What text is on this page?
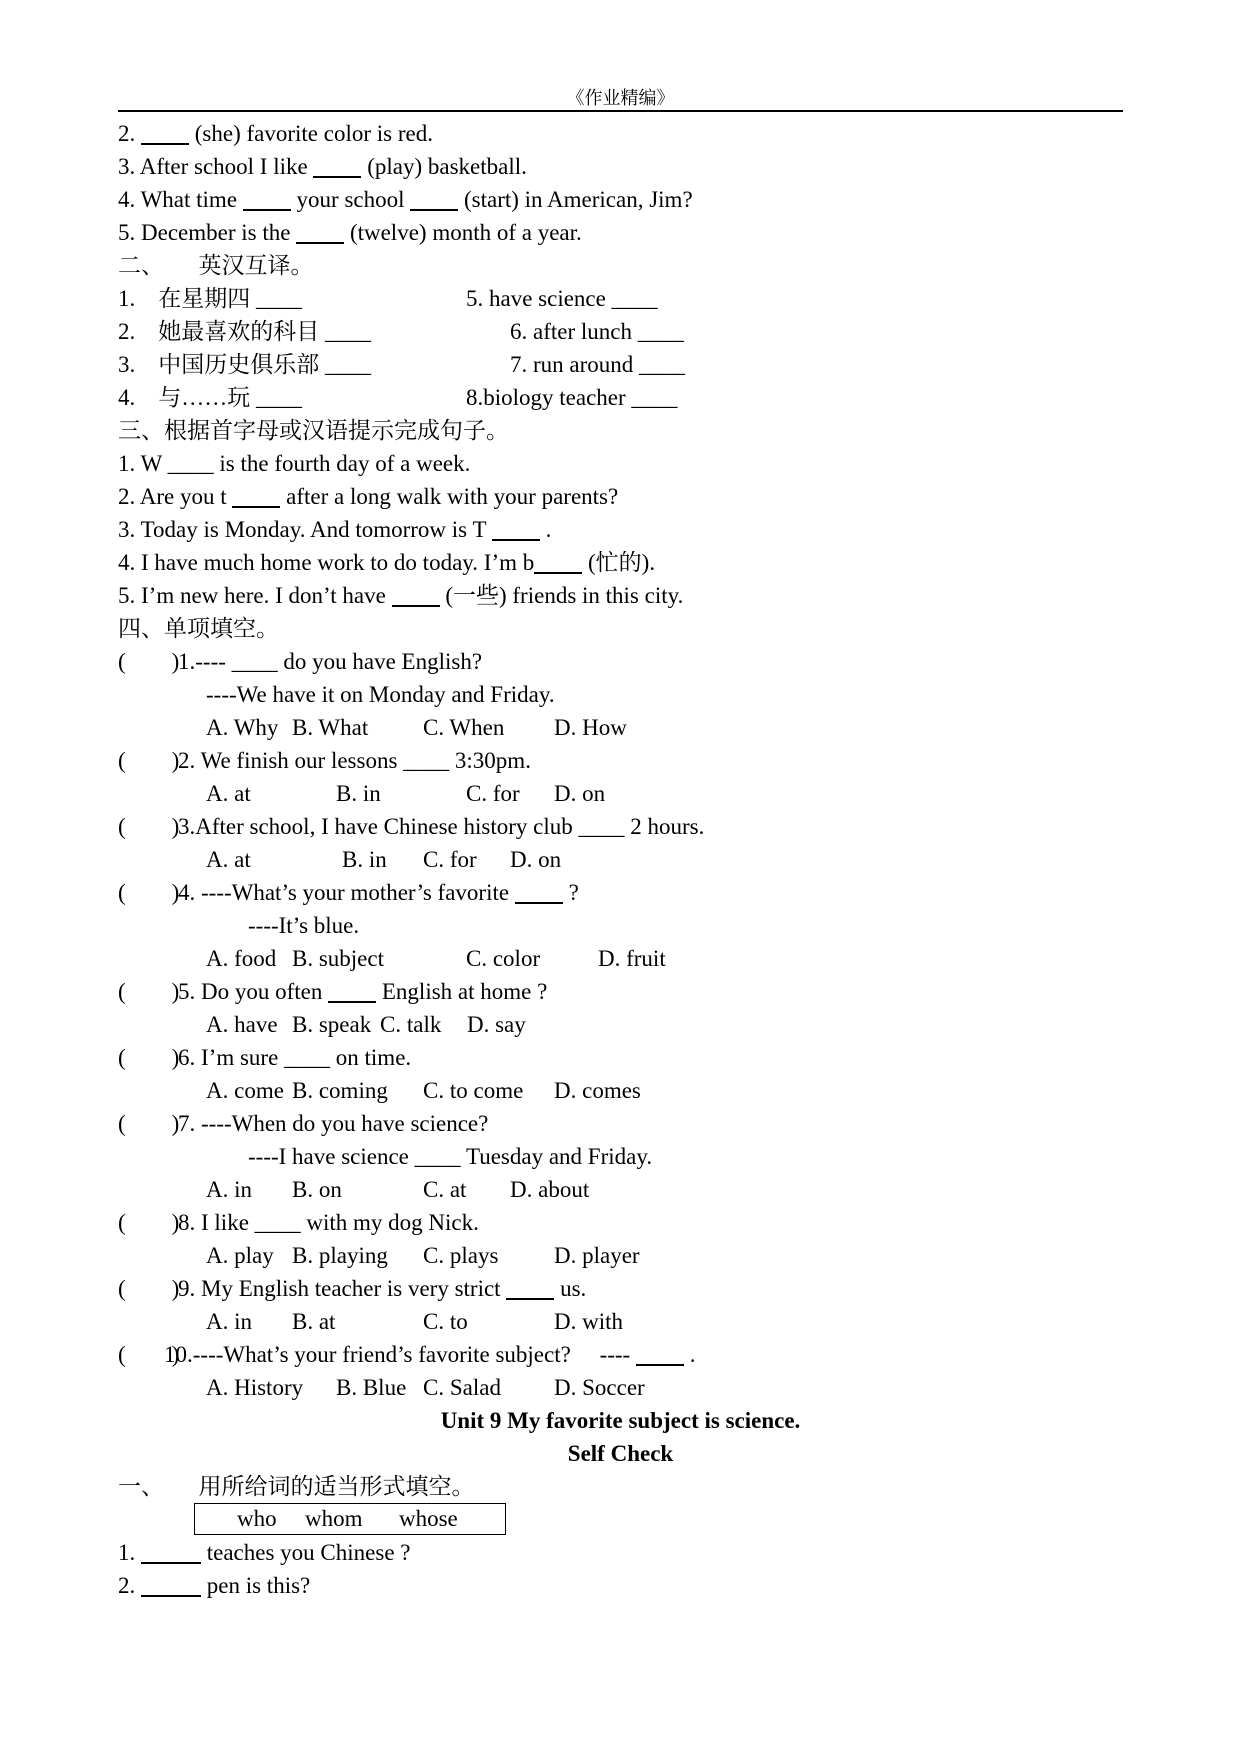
《作业精编》
2.  (she) favorite color is red.
3. After school I like  (play) basketball.
4. What time  your school  (start) in American, Jim?
5. December is the  (twelve) month of a year.
二、　　英汉互译。
1.　在星期四 ____	5. have science ____
2.　她最喜欢的科目 ____	6. after lunch ____
3.　中国历史俱乐部 ____	7. run around ____
4.　与……玩 ____	8.biology teacher ____
三、根据首字母或汉语提示完成句子。
1. W ____ is the fourth day of a week.
2. Are you t  after a long walk with your parents?
3. Today is Monday. And tomorrow is T  .
4. I have much home work to do today. I’m b (忙的).
5. I’m new here. I don’t have  (一些) friends in this city.
四、单项填空。
(　　)
1.---- ____ do you have English?
----We have it on Monday and Friday.
A. Why B. What C. When D. How
(　　)
2. We finish our lessons ____ 3:30pm.
A. at	B. in	C. for D. on
(　　)
3.After school, I have Chinese history club ____ 2 hours.
A. at	B. in C. for D. on
(　　)
4. ----What’s your mother’s favorite  ?
----It’s blue.
A. food B. subject	C. color	D. fruit
(　　)
5. Do you often  English at home ?
A. have B. speak C. talk D. say
(　　)
6. I’m sure ____ on time.
A. come B. coming C. to come D. comes
(　　)
7. ----When do you have science?
----I have science ____ Tuesday and Friday.
A. in B. on	C. at D. about
(　　)
8. I like ____ with my dog Nick.
A. play B. playing C. plays D. player
(　　)
9. My English teacher is very strict  us.
A. in B. at	C. to	D. with
(　　)
10.----What’s your friend’s favorite subject?　 ----  .
A. History B. Blue C. Salad D. Soccer
Unit 9 My favorite subject is science.
Self Check
一、　　用所给词的适当形式填空。

who

whom

whose

1.	teaches you Chinese ?
2.	pen is this?
